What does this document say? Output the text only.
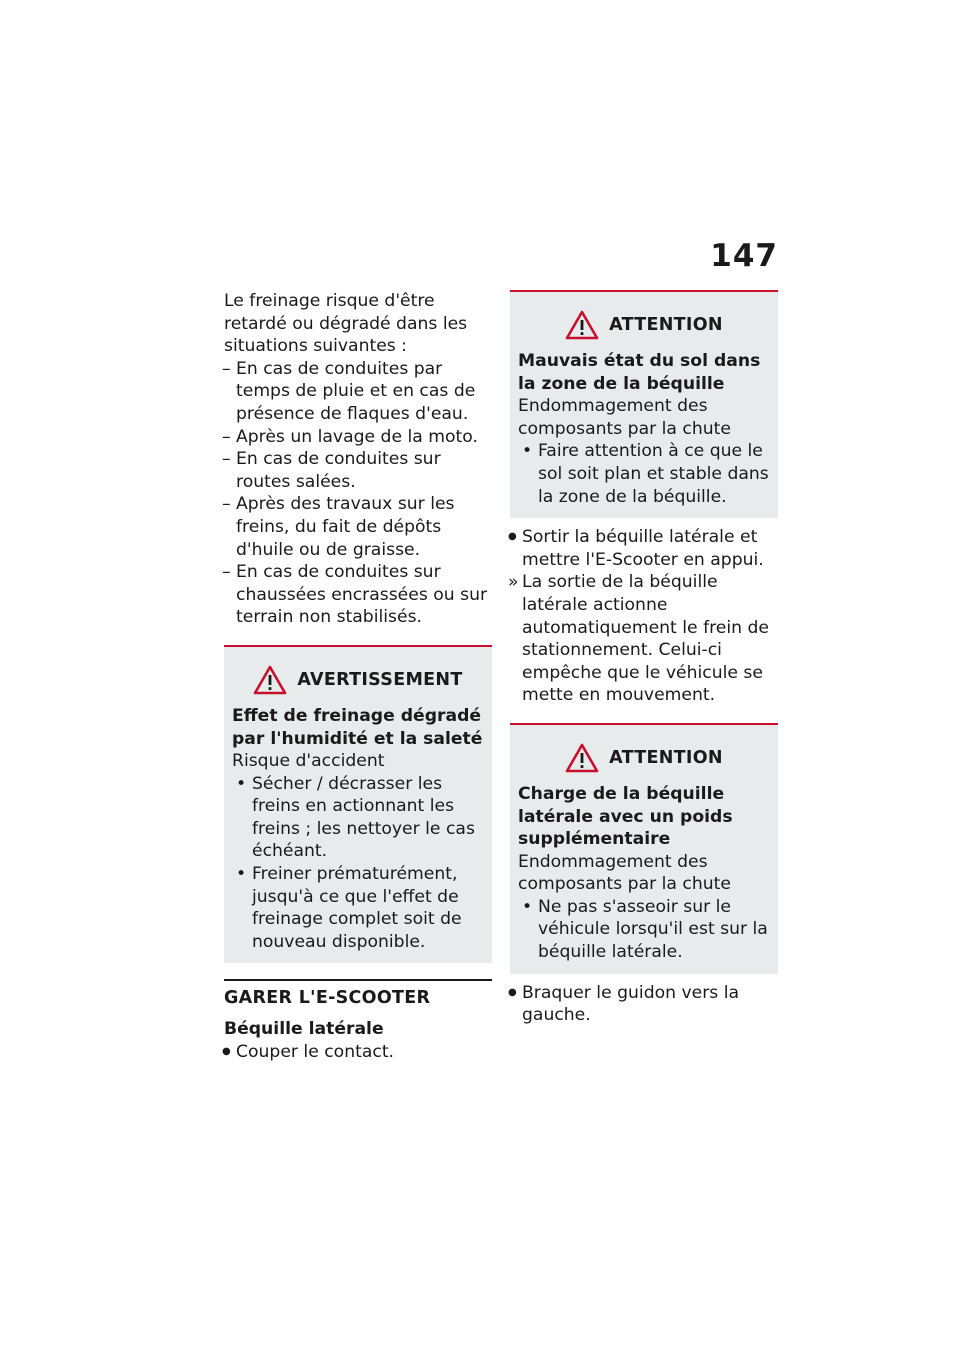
147

Le freinage risque d'être retardé ou dégradé dans les situations suivantes :

– En cas de conduites par temps de pluie et en cas de présence de flaques d'eau.
– Après un lavage de la moto.
– En cas de conduites sur routes salées.
– Après des travaux sur les freins, du fait de dépôts d'huile ou de graisse.
– En cas de conduites sur chaussées encrassées ou sur terrain non stabilisés.
AVERTISSEMENT

Effet de freinage dégradé par l'humidité et la saleté

Risque d'accident

• Sécher / décrasser les freins en actionnant les freins ; les nettoyer le cas échéant.
• Freiner prématurément, jusqu'à ce que l'effet de freinage complet soit de nouveau disponible.
GARER L'E-SCOOTER

Béquille latérale

● Couper le contact.
ATTENTION

Mauvais état du sol dans la zone de la béquille

Endommagement des composants par la chute

• Faire attention à ce que le sol soit plan et stable dans la zone de la béquille.
● Sortir la béquille latérale et mettre l'E-Scooter en appui.
» La sortie de la béquille latérale actionne automatiquement le frein de stationnement. Celui-ci empêche que le véhicule se mette en mouvement.
ATTENTION

Charge de la béquille latérale avec un poids supplémentaire

Endommagement des composants par la chute

• Ne pas s'asseoir sur le véhicule lorsqu'il est sur la béquille latérale.
● Braquer le guidon vers la gauche.
